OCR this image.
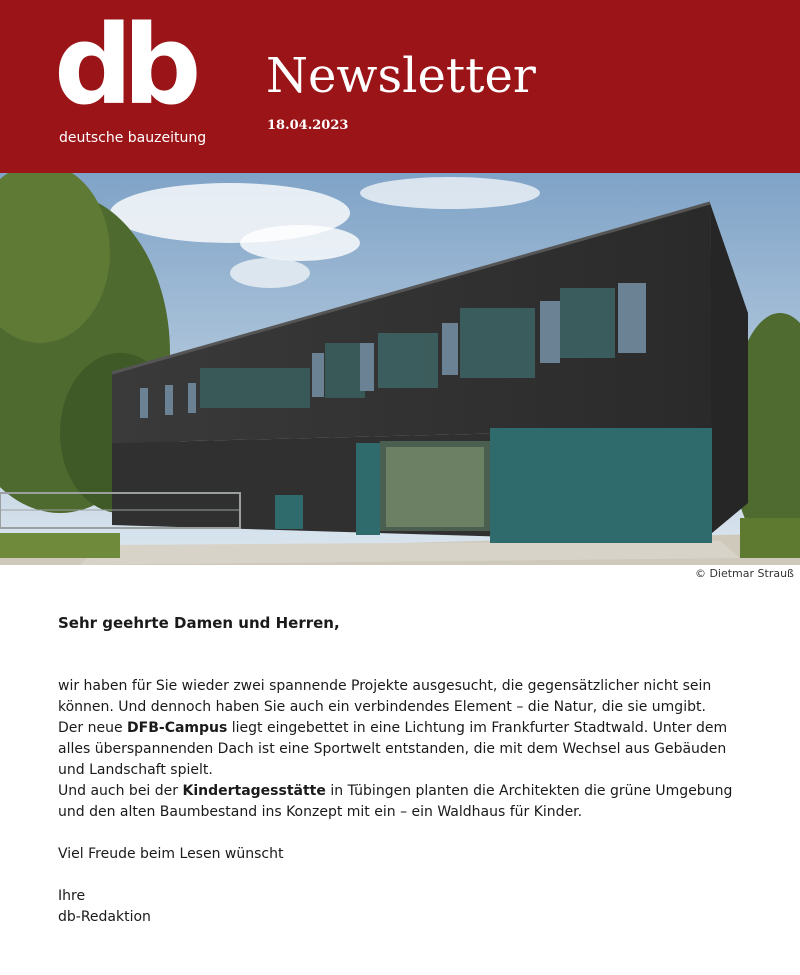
db
deutsche bauzeitung
Newsletter
18.04.2023
© Dietmar Strauß

Sehr geehrte Damen und Herren,

wir haben für Sie wieder zwei spannende Projekte ausgesucht, die gegensätzlicher nicht sein können. Und dennoch haben Sie auch ein verbindendes Element – die Natur, die sie umgibt.

Der neue DFB-Campus liegt eingebettet in eine Lichtung im Frankfurter Stadtwald. Unter dem alles überspannenden Dach ist eine Sportwelt entstanden, die mit dem Wechsel aus Gebäuden und Landschaft spielt.

Und auch bei der Kindertagesstätte in Tübingen planten die Architekten die grüne Umgebung und den alten Baumbestand ins Konzept mit ein – ein Waldhaus für Kinder.

Viel Freude beim Lesen wünscht

Ihre

db-Redaktion
